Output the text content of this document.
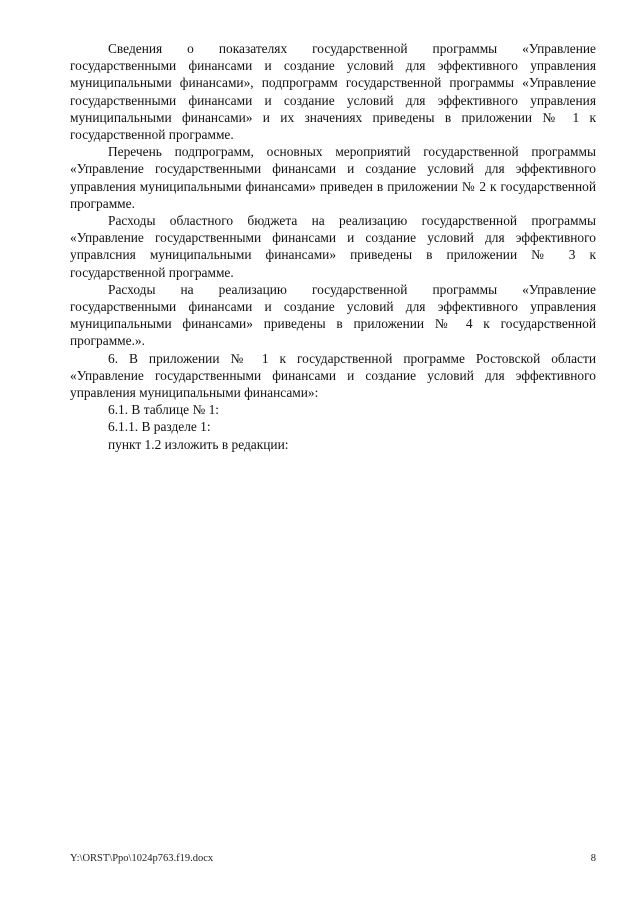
Сведения о показателях государственной программы «Управление государственными финансами и создание условий для эффективного управления муниципальными финансами», подпрограмм государственной программы «Управление государственными финансами и создание условий для эффективного управления муниципальными финансами» и их значениях приведены в приложении № 1 к государственной программе.

Перечень подпрограмм, основных мероприятий государственной программы «Управление государственными финансами и создание условий для эффективного управления муниципальными финансами» приведен в приложении № 2 к государственной программе.

Расходы областного бюджета на реализацию государственной программы «Управление государственными финансами и создание условий для эффективного управлсния муниципальными финансами» приведены в приложении № 3 к государственной программе.

Расходы на реализацию государственной программы «Управление государственными финансами и создание условий для эффективного управления муниципальными финансами» приведены в приложении № 4 к государственной программе.».

6. В приложении № 1 к государственной программе Ростовской области «Управление государственными финансами и создание условий для эффективного управления муниципальными финансами»:

6.1. В таблице № 1:

6.1.1. В разделе 1:

пункт 1.2 изложить в редакции:

Y:\ORST\Ppo\1024p763.f19.docx	8
